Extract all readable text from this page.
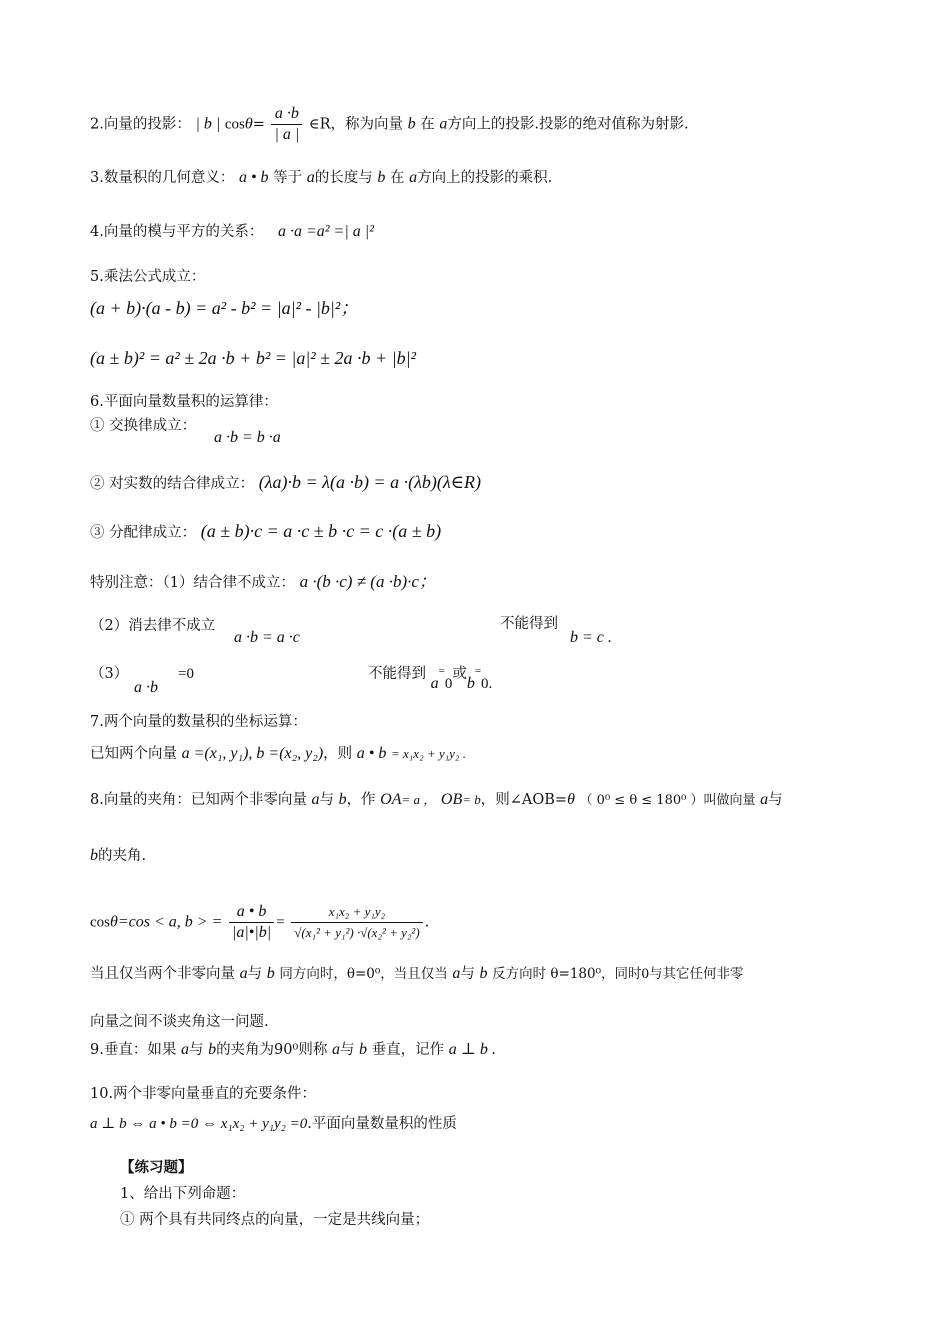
2.向量的投影： | b | $\cos\theta= \frac{a \cdot b}{| a |}$ ∈R，称为向量 b 在 a方向上的投影.投影的绝对值称为射影.
3.数量积的几何意义： a • b 等于 a的长度与 b 在 a方向上的投影的乘积.
4.向量的模与平方的关系： a ·a =a² =| a |²
5.乘法公式成立：
(a + b)·(a - b) = a² - b² = |a|² - |b|²；
(a ± b)² = a² ± 2a ·b + b² = |a|² ± 2a ·b + |b|²
6.平面向量数量积的运算律：
① 交换律成立：
a ·b = b ·a
② 对实数的结合律成立： (λa)·b = λ(a ·b) = a ·(λb)(λ∈R)
③ 分配律成立： (a ± b)·c = a ·c ± b ·c = c ·(a ± b)
特别注意：（1）结合律不成立： a ·(b ·c) ≠ (a ·b)·c；
（2）消去律不成立
a ·b = a ·c
不能得到
b = c .
（3）
a ·b
=0	不能得到 a=0或b=0.
7.两个向量的数量积的坐标运算：
已知两个向量 a =(x₁, y₁), b =(x₂, y₂)，则 a • b = x₁x₂ + y₁y₂ .
8.向量的夹角：已知两个非零向量 a与 b，作 OA= a ， OB= b，则∠AOB=θ （ 0⁰ ≤ θ ≤ 180⁰ ）叫做向量 a与
b的夹角.
cosθ=cos < a, b > = $\frac{a • b}{|a|•|b|} = \frac{\text{x₁x₂ + y₁y₂}}{\text{√(x₁² + y₁²) ·√(x₂² + y₂²)}}$ .
当且仅当两个非零向量 a与 b 同方向时，θ=0⁰，当且仅当 a与 b 反方向时 θ=180⁰，同时0与其它任何非零
向量之间不谈夹角这一问题.
9.垂直：如果 a与 b的夹角为90⁰则称 a与 b 垂直，记作 a ⊥ b .
10.两个非零向量垂直的充要条件：
a ⊥ b ⇔ a • b =0 ⇔ x₁x₂ + y₁y₂ =0.平面向量数量积的性质
【练习题】
1、给出下列命题：
① 两个具有共同终点的向量，一定是共线向量；
